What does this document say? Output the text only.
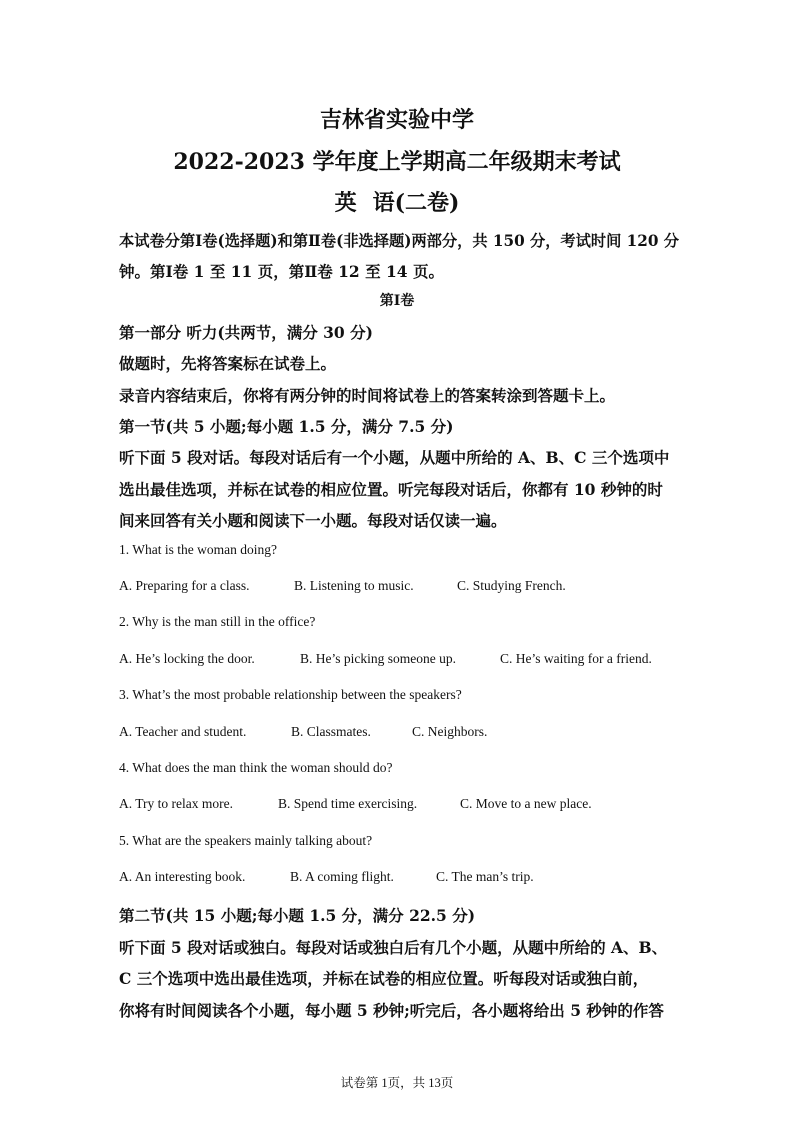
吉林省实验中学
2022-2023 学年度上学期高二年级期末考试
英 语(二卷)
本试卷分第Ⅰ卷(选择题)和第Ⅱ卷(非选择题)两部分，共 150 分，考试时间 120 分
钟。第Ⅰ卷 1 至 11 页，第Ⅱ卷 12 至 14 页。
第Ⅰ卷
第一部分 听力(共两节，满分 30 分)
做题时，先将答案标在试卷上。
录音内容结束后，你将有两分钟的时间将试卷上的答案转涂到答题卡上。
第一节(共 5 小题;每小题 1.5 分，满分 7.5 分)
听下面 5 段对话。每段对话后有一个小题，从题中所给的 A、B、C 三个选项中
选出最佳选项，并标在试卷的相应位置。听完每段对话后，你都有 10 秒钟的时
间来回答有关小题和阅读下一小题。每段对话仅读一遍。
1. What is the woman doing?
A. Preparing for a class.	B. Listening to music.	C. Studying French.
2. Why is the man still in the office?
A. He’s locking the door.	B. He’s picking someone up.	C. He’s waiting for a friend.
3. What’s the most probable relationship between the speakers?
A. Teacher and student.	B. Classmates.	C. Neighbors.
4. What does the man think the woman should do?
A. Try to relax more.	B. Spend time exercising.	C. Move to a new place.
5. What are the speakers mainly talking about?
A. An interesting book.	B. A coming flight.	C. The man’s trip.
第二节(共 15 小题;每小题 1.5 分，满分 22.5 分)
听下面 5 段对话或独白。每段对话或独白后有几个小题，从题中所给的 A、B、
C 三个选项中选出最佳选项，并标在试卷的相应位置。听每段对话或独白前，
你将有时间阅读各个小题，每小题 5 秒钟;听完后，各小题将给出 5 秒钟的作答
试卷第 1页，共 13页
